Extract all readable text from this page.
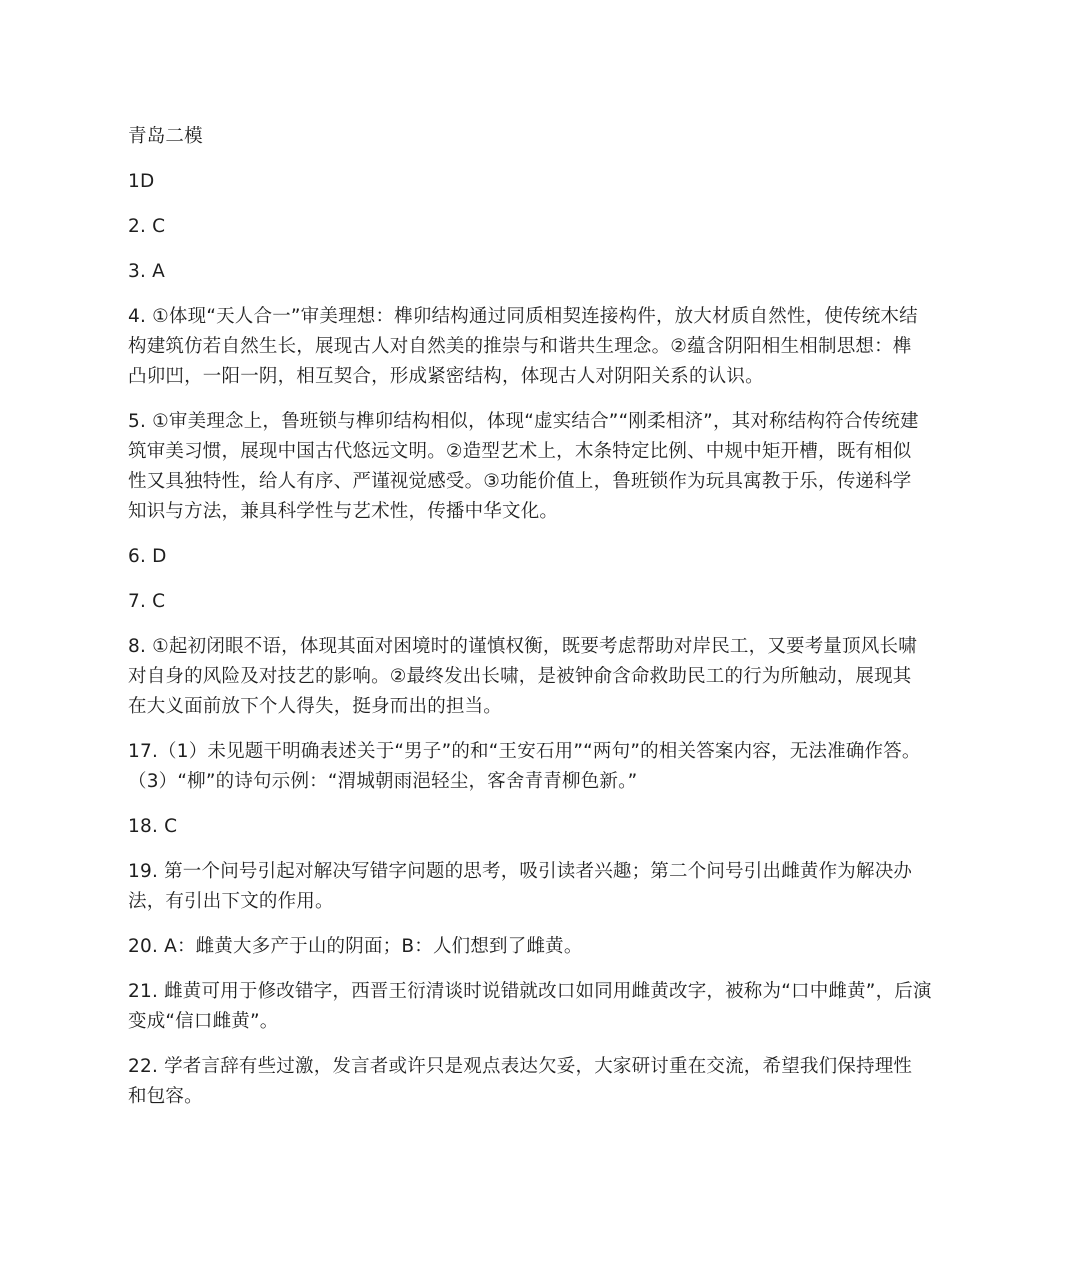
青岛二模

1D

2. C

3. A

4. ①体现“天人合一”审美理想：榫卯结构通过同质相契连接构件，放大材质自然性，使传统木结

构建筑仿若自然生长，展现古人对自然美的推崇与和谐共生理念。②蕴含阴阳相生相制思想：榫

凸卯凹，一阳一阴，相互契合，形成紧密结构，体现古人对阴阳关系的认识。

5. ①审美理念上，鲁班锁与榫卯结构相似，体现“虚实结合”“刚柔相济”，其对称结构符合传统建

筑审美习惯，展现中国古代悠远文明。②造型艺术上，木条特定比例、中规中矩开槽，既有相似

性又具独特性，给人有序、严谨视觉感受。③功能价值上，鲁班锁作为玩具寓教于乐，传递科学

知识与方法，兼具科学性与艺术性，传播中华文化。

6. D

7. C

8. ①起初闭眼不语，体现其面对困境时的谨慎权衡，既要考虑帮助对岸民工，又要考量顶风长啸

对自身的风险及对技艺的影响。②最终发出长啸，是被钟俞含命救助民工的行为所触动，展现其

在大义面前放下个人得失，挺身而出的担当。

17.（1）未见题干明确表述关于“男子”的和“王安石用”“两句”的相关答案内容，无法准确作答。

（3）“柳”的诗句示例：“渭城朝雨浥轻尘，客舍青青柳色新。”

18. C

19. 第一个问号引起对解决写错字问题的思考，吸引读者兴趣；第二个问号引出雌黄作为解决办

法，有引出下文的作用。

20. A：雌黄大多产于山的阴面；B：人们想到了雌黄。

21. 雌黄可用于修改错字，西晋王衍清谈时说错就改口如同用雌黄改字，被称为“口中雌黄”，后演

变成“信口雌黄”。

22. 学者言辞有些过激，发言者或许只是观点表达欠妥，大家研讨重在交流，希望我们保持理性

和包容。
